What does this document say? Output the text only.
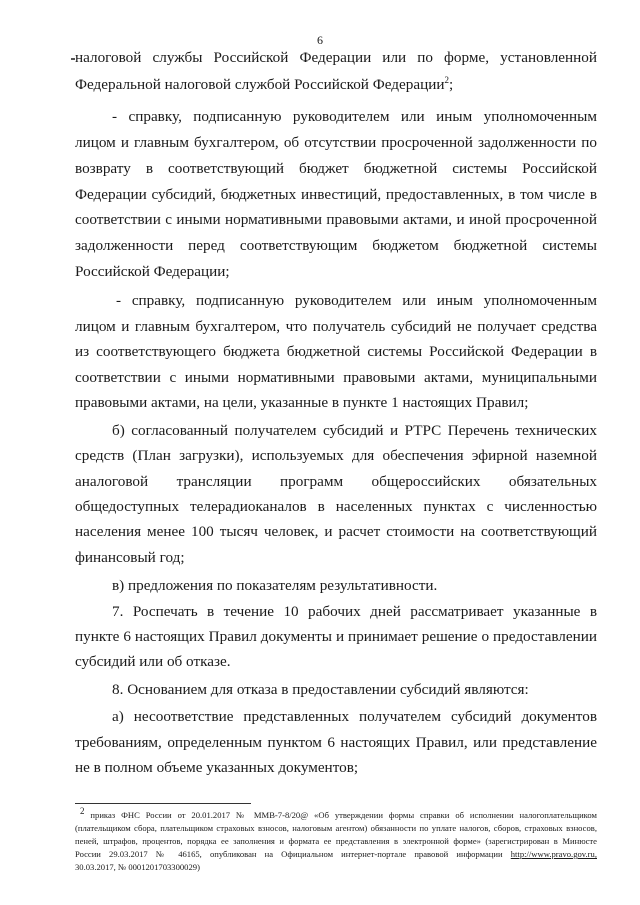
6
налоговой службы Российской Федерации или по форме, установленной
Федеральной налоговой службой Российской Федерации$^2$;
- справку, подписанную руководителем или иным уполномоченным
лицом и главным бухгалтером, об отсутствии просроченной задолженности по
возврату в соответствующий бюджет бюджетной системы Российской
Федерации субсидий, бюджетных инвестиций, предоставленных, в том числе в
соответствии с иными нормативными правовыми актами, и иной просроченной
задолженности перед соответствующим бюджетом бюджетной системы
Российской Федерации;
- справку, подписанную руководителем или иным уполномоченным
лицом и главным бухгалтером, что получатель субсидий не получает средства
из соответствующего бюджета бюджетной системы Российской Федерации в
соответствии с иными нормативными правовыми актами, муниципальными
правовыми актами, на цели, указанные в пункте 1 настоящих Правил;
б) согласованный получателем субсидий и РТРС Перечень технических
средств (План загрузки), используемых для обеспечения эфирной наземной
аналоговой трансляции программ общероссийских обязательных
общедоступных телерадиоканалов в населенных пунктах с численностью
населения менее 100 тысяч человек, и расчет стоимости на соответствующий
финансовый год;
в) предложения по показателям результативности.
7. Роспечать в течение 10 рабочих дней рассматривает указанные в
пункте 6 настоящих Правил документы и принимает решение о предоставлении
субсидий или об отказе.
8. Основанием для отказа в предоставлении субсидий являются:
а) несоответствие представленных получателем субсидий документов
требованиям, определенным пунктом 6 настоящих Правил, или представление
не в полном объеме указанных документов;
$^2$ приказ ФНС России от 20.01.2017 № ММВ-7-8/20@ «Об утверждении формы справки об исполнении налогоплательщиком
(плательщиком сбора, плательщиком страховых взносов, налоговым агентом) обязанности по уплате налогов, сборов, страховых взносов,
пеней, штрафов, процентов, порядка ее заполнения и формата ее представления в электронной форме» (зарегистрирован в Минюсте
России 29.03.2017 № 46165, опубликован на Официальном интернет-портале правовой информации http://www.pravo.gov.ru,
30.03.2017, № 0001201703300029)
